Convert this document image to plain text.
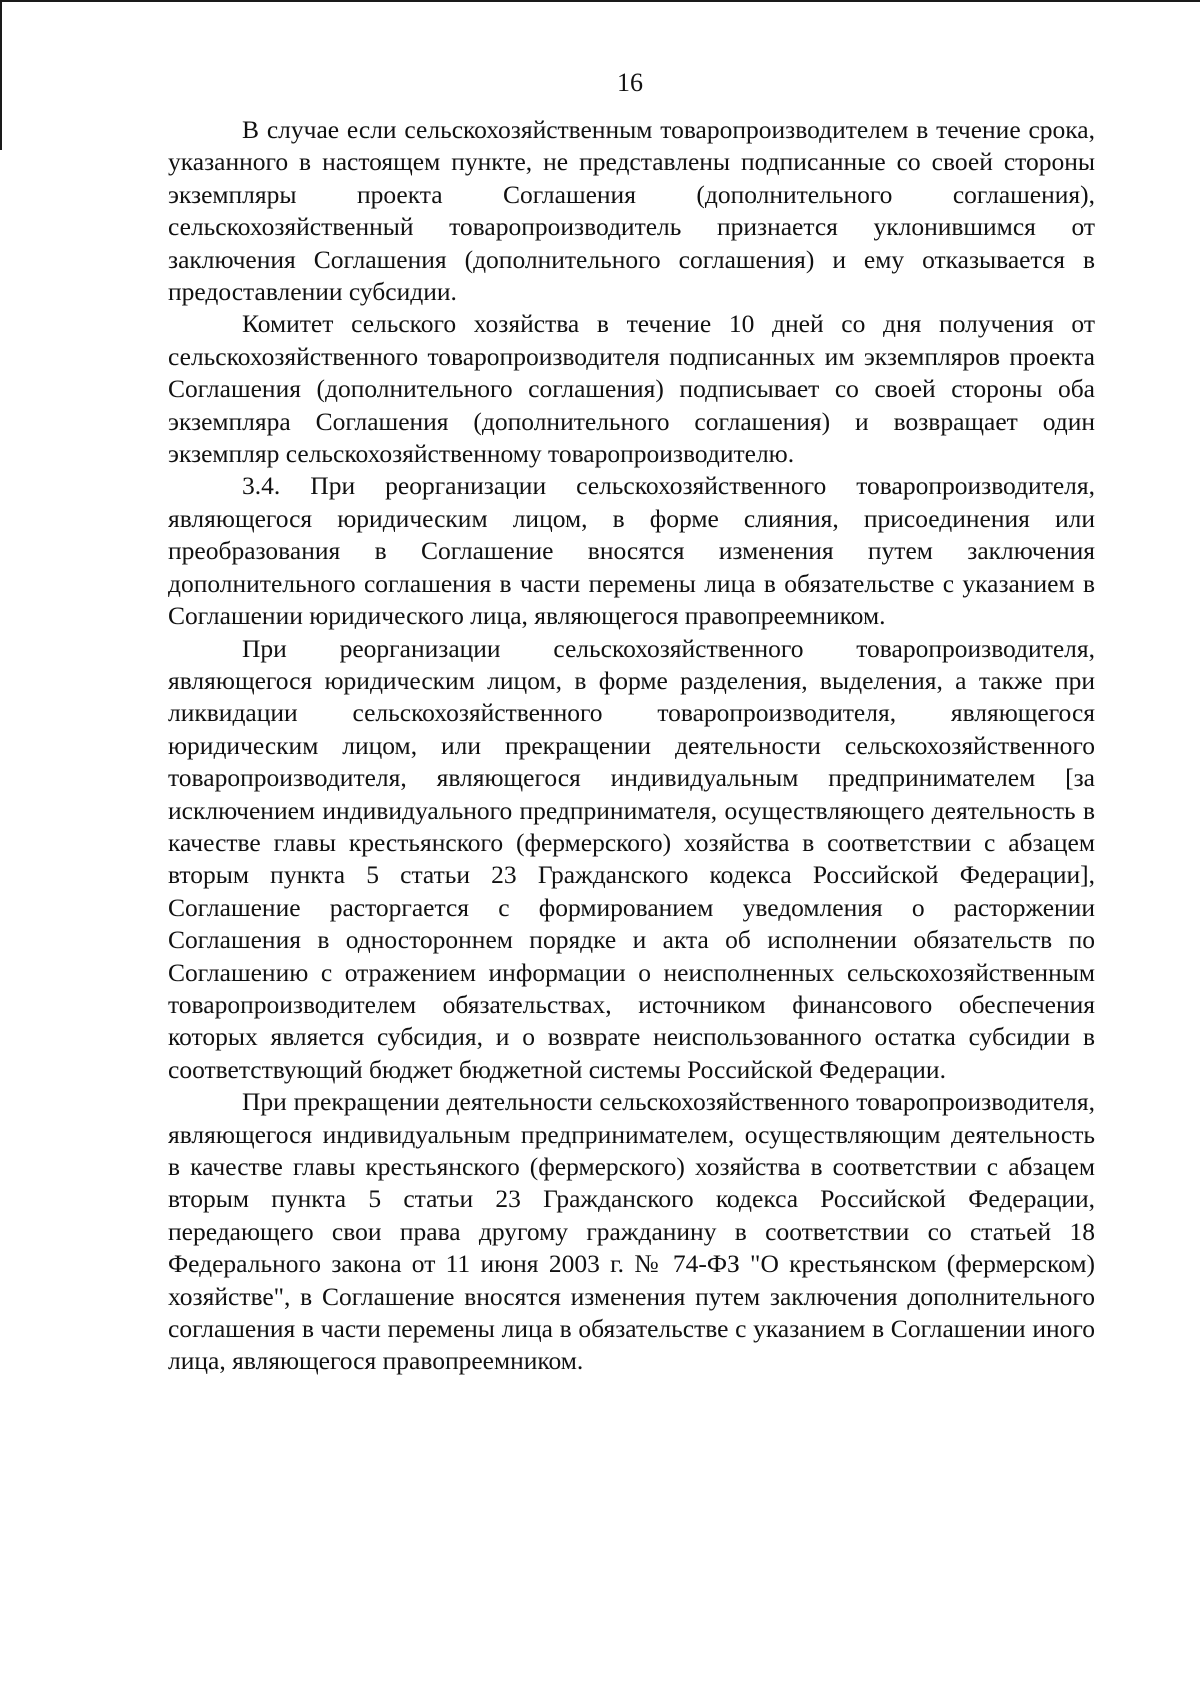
16

В случае если сельскохозяйственным товаропроизводителем в течение срока, указанного в настоящем пункте, не представлены подписанные со своей стороны экземпляры проекта Соглашения (дополнительного соглашения), сельскохозяйственный товаропроизводитель признается уклонившимся от заключения Соглашения (дополнительного соглашения) и ему отказывается в предоставлении субсидии.

Комитет сельского хозяйства в течение 10 дней со дня получения от сельскохозяйственного товаропроизводителя подписанных им экземпляров проекта Соглашения (дополнительного соглашения) подписывает со своей стороны оба экземпляра Соглашения (дополнительного соглашения) и возвращает один экземпляр сельскохозяйственному товаропроизводителю.

3.4. При реорганизации сельскохозяйственного товаропроизводителя, являющегося юридическим лицом, в форме слияния, присоединения или преобразования в Соглашение вносятся изменения путем заключения дополнительного соглашения в части перемены лица в обязательстве с указанием в Соглашении юридического лица, являющегося правопреемником.

При реорганизации сельскохозяйственного товаропроизводителя, являющегося юридическим лицом, в форме разделения, выделения, а также при ликвидации сельскохозяйственного товаропроизводителя, являющегося юридическим лицом, или прекращении деятельности сельскохозяйственного товаропроизводителя, являющегося индивидуальным предпринимателем [за исключением индивидуального предпринимателя, осуществляющего деятельность в качестве главы крестьянского (фермерского) хозяйства в соответствии с абзацем вторым пункта 5 статьи 23 Гражданского кодекса Российской Федерации], Соглашение расторгается с формированием уведомления о расторжении Соглашения в одностороннем порядке и акта об исполнении обязательств по Соглашению с отражением информации о неисполненных сельскохозяйственным товаропроизводителем обязательствах, источником финансового обеспечения которых является субсидия, и о возврате неиспользованного остатка субсидии в соответствующий бюджет бюджетной системы Российской Федерации.

При прекращении деятельности сельскохозяйственного товаропроизводителя, являющегося индивидуальным предпринимателем, осуществляющим деятельность в качестве главы крестьянского (фермерского) хозяйства в соответствии с абзацем вторым пункта 5 статьи 23 Гражданского кодекса Российской Федерации, передающего свои права другому гражданину в соответствии со статьей 18 Федерального закона от 11 июня 2003 г. № 74-ФЗ "О крестьянском (фермерском) хозяйстве", в Соглашение вносятся изменения путем заключения дополнительного соглашения в части перемены лица в обязательстве с указанием в Соглашении иного лица, являющегося правопреемником.
